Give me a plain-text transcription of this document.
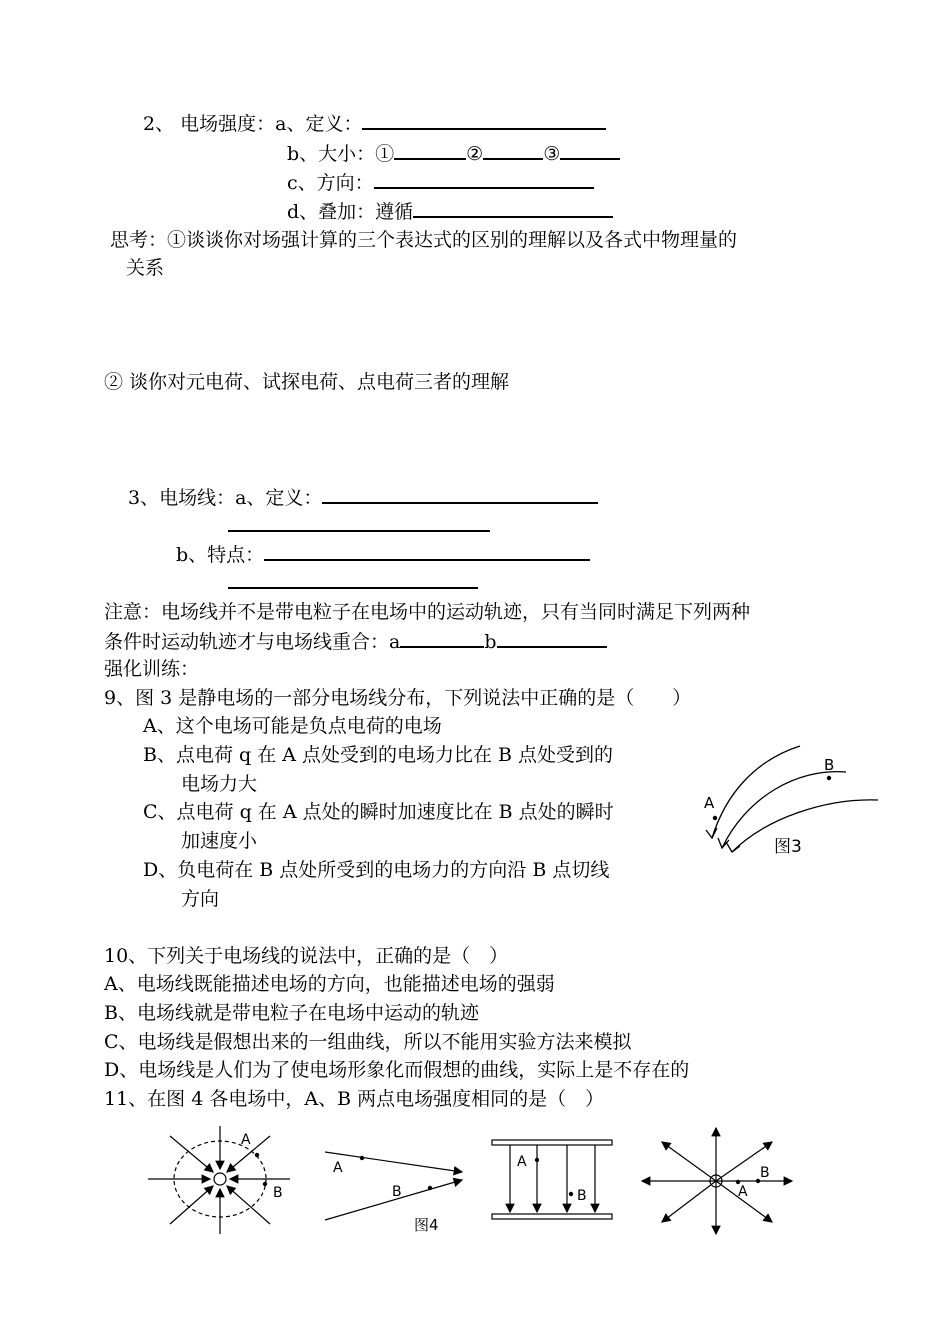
2、 电场强度：a、定义：
b、大小：①	②	③
c、方向：
d、叠加：遵循
思考：①谈谈你对场强计算的三个表达式的区别的理解以及各式中物理量的
关系
② 谈你对元电荷、试探电荷、点电荷三者的理解
3、电场线：a、定义：
b、特点：
注意：电场线并不是带电粒子在电场中的运动轨迹，只有当同时满足下列两种
条件时运动轨迹才与电场线重合：a	b
强化训练：
9、图 3 是静电场的一部分电场线分布，下列说法中正确的是（　　）
A、这个电场可能是负点电荷的电场
B、点电荷 q 在 A 点处受到的电场力比在 B 点处受到的
电场力大
C、点电荷 q 在 A 点处的瞬时加速度比在 B 点处的瞬时
加速度小
D、负电荷在 B 点处所受到的电场力的方向沿 B 点切线
方向
A
B
图3
10、下列关于电场线的说法中，正确的是（　）
A、电场线既能描述电场的方向，也能描述电场的强弱
B、电场线就是带电粒子在电场中运动的轨迹
C、电场线是假想出来的一组曲线，所以不能用实验方法来模拟
D、电场线是人们为了使电场形象化而假想的曲线，实际上是不存在的
11、在图 4 各电场中，A、B 两点电场强度相同的是（　）
A
B
A
B
图4
A
B	A
B
